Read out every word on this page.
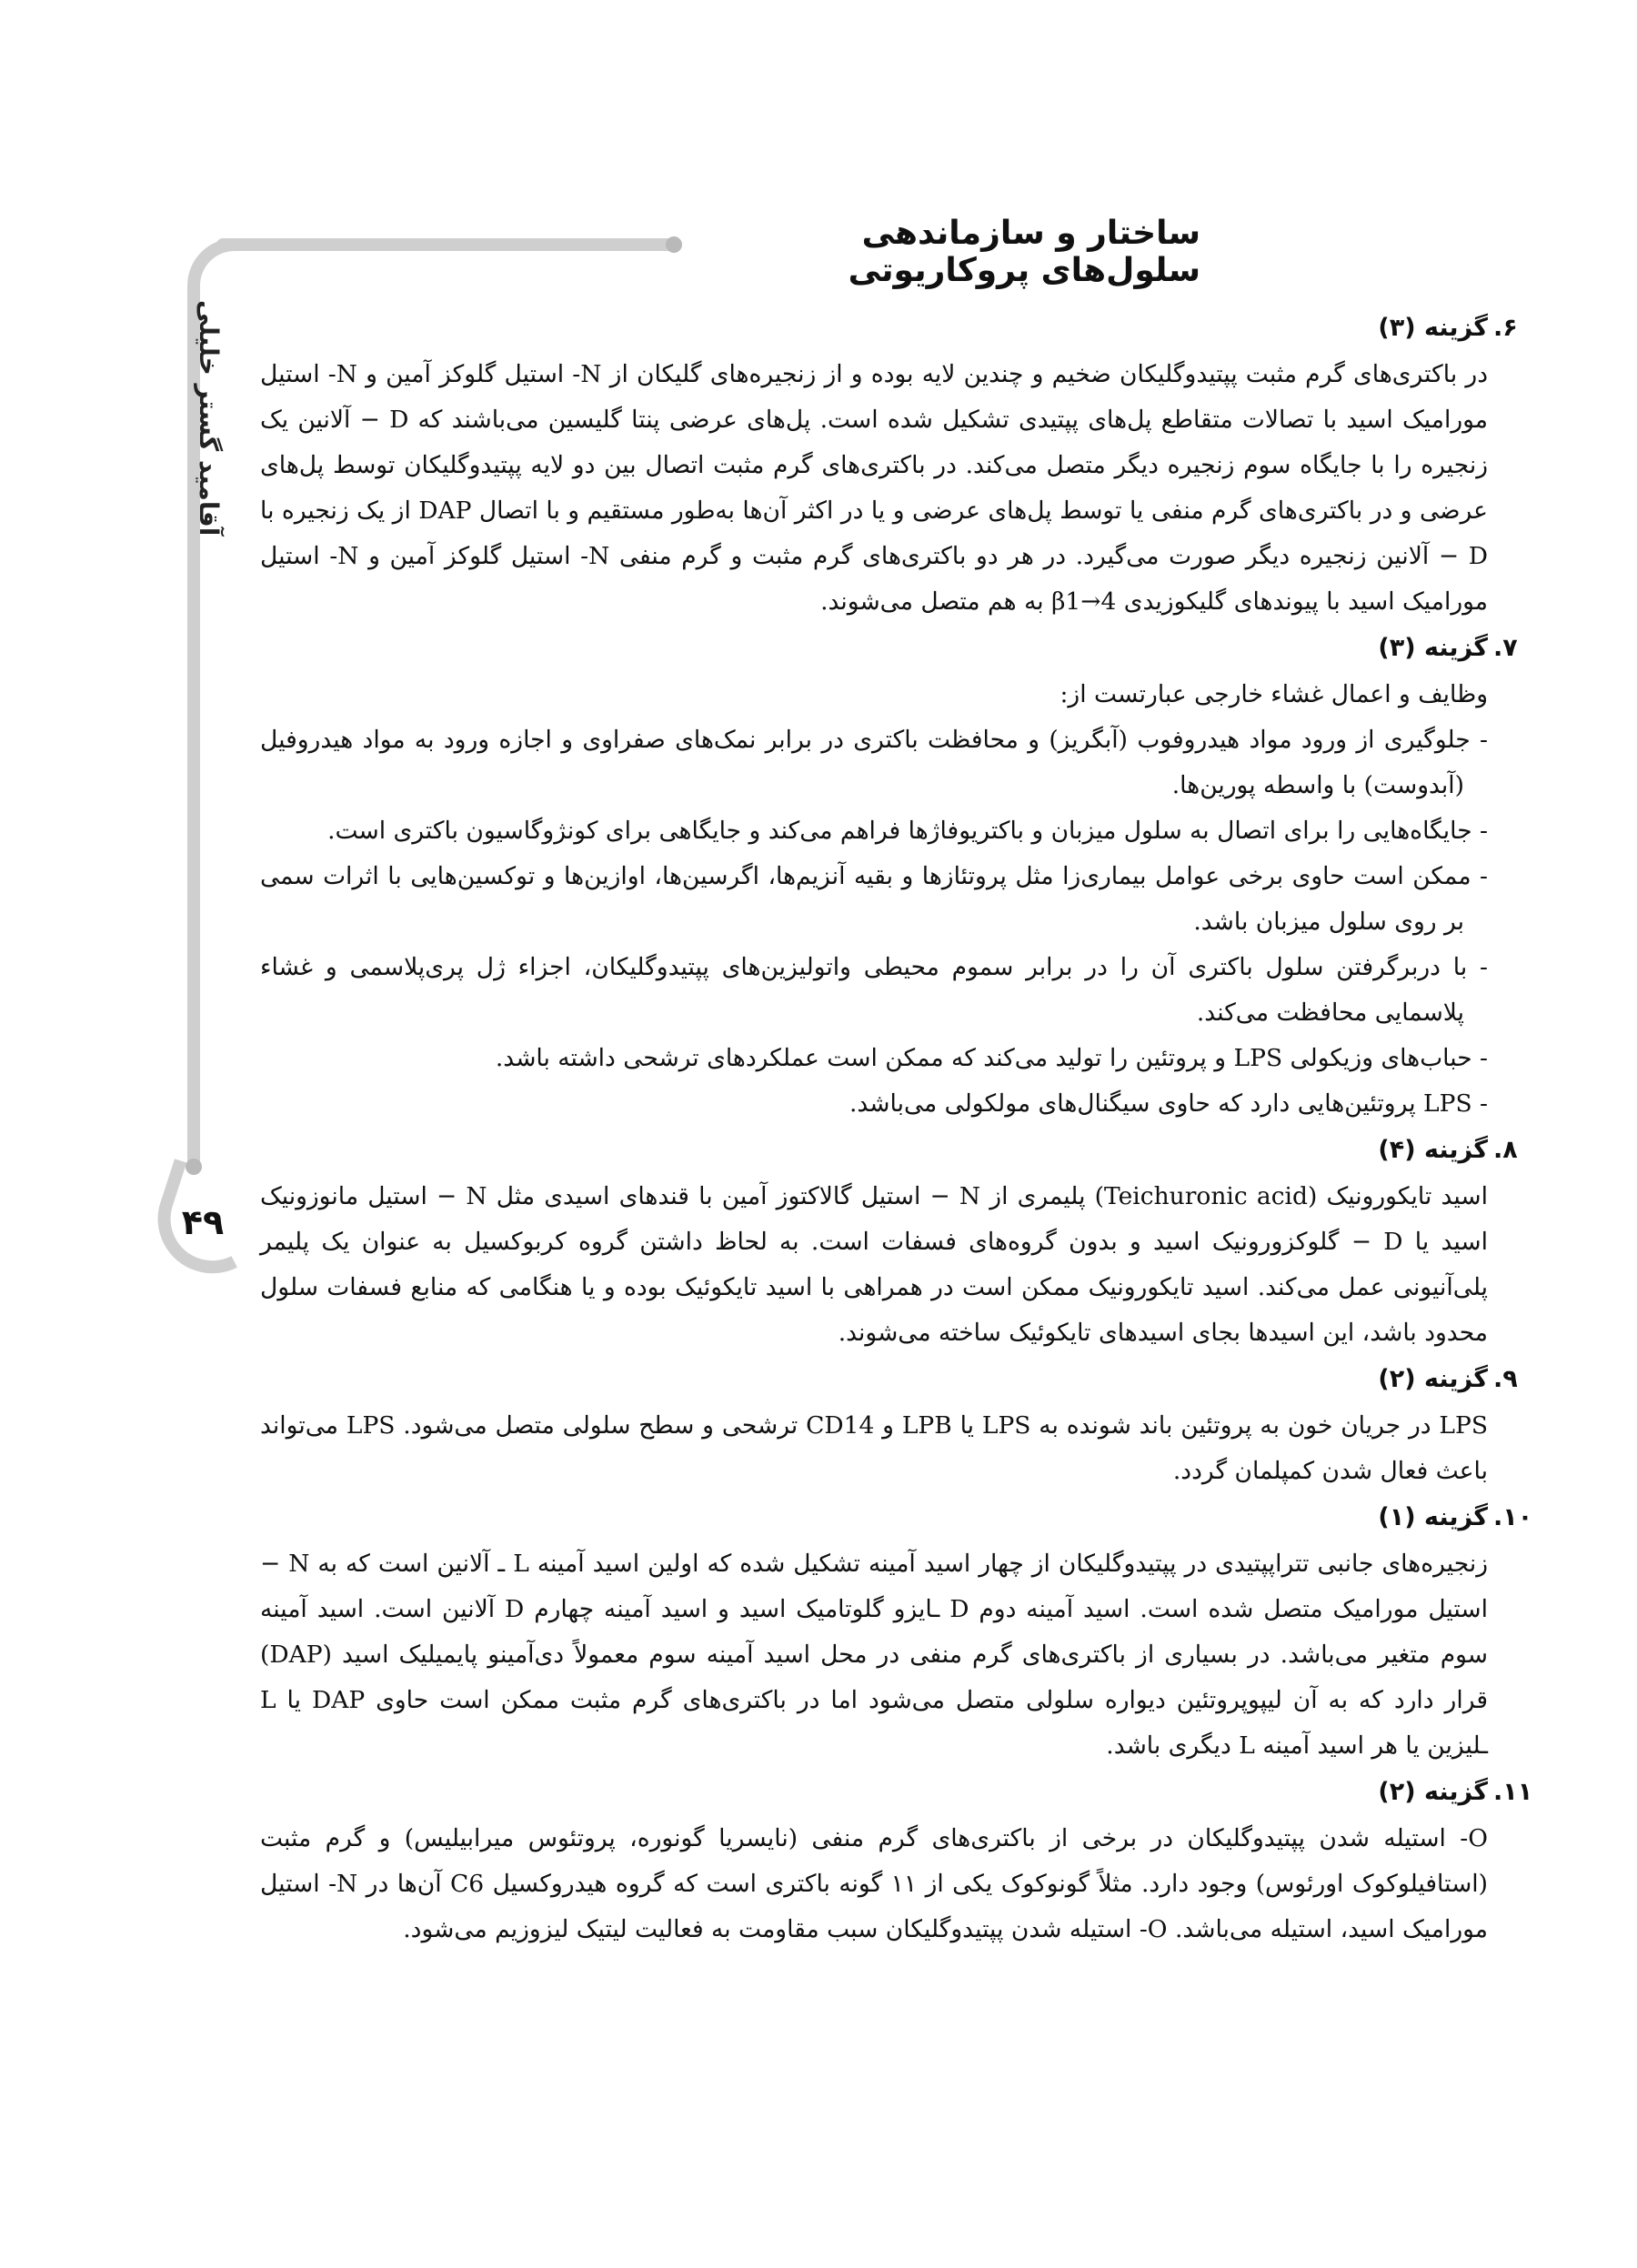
ساختار و سازماندهی سلول‌های پروکاریوتی
آقامید گستر خلیلی
۴۹
۶.
گزینه (۳)

در باکتری‌های گرم مثبت پپتیدوگلیکان ضخیم و چندین لایه بوده و از زنجیره‌های گلیکان از N- استیل گلوکز آمین و N- استیل مورامیک اسید با تصالات متقاطع پل‌های پپتیدی تشکیل شده است. پل‌های عرضی پنتا گلیسین می‌باشند که D − آلانین یک زنجیره را با جایگاه سوم زنجیره دیگر متصل می‌کند. در باکتری‌های گرم مثبت اتصال بین دو لایه پپتیدوگلیکان توسط پل‌های عرضی و در باکتری‌های گرم منفی یا توسط پل‌های عرضی و یا در اکثر آن‌ها به‌طور مستقیم و با اتصال DAP از یک زنجیره با D − آلانین زنجیره دیگر صورت می‌گیرد. در هر دو باکتری‌های گرم مثبت و گرم منفی N- استیل گلوکز آمین و N- استیل مورامیک اسید با پیوندهای گلیکوزیدی β1→4 به هم متصل می‌شوند.

۷.
گزینه (۳)

وظایف و اعمال غشاء خارجی عبارتست از:

- جلوگیری از ورود مواد هیدروفوب (آبگریز) و محافظت باکتری در برابر نمک‌های صفراوی و اجازه ورود به مواد هیدروفیل (آبدوست) با واسطه پورین‌ها.

- جایگاه‌هایی را برای اتصال به سلول میزبان و باکتریوفاژها فراهم می‌کند و جایگاهی برای کونژوگاسیون باکتری است.

- ممکن است حاوی برخی عوامل بیماری‌زا مثل پروتئازها و بقیه آنزیم‌ها، اگرسین‌ها، اوازین‌ها و توکسین‌هایی با اثرات سمی بر روی سلول میزبان باشد.

- با دربرگرفتن سلول باکتری آن را در برابر سموم محیطی واتولیزین‌های پپتیدوگلیکان، اجزاء ژل پری‌پلاسمی و غشاء پلاسمایی محافظت می‌کند.

- حباب‌های وزیکولی LPS و پروتئین را تولید می‌کند که ممکن است عملکردهای ترشحی داشته باشد.

- LPS پروتئین‌هایی دارد که حاوی سیگنال‌های مولکولی می‌باشد.

۸.
گزینه (۴)

اسید تایکورونیک (Teichuronic acid) پلیمری از N − استیل گالاکتوز آمین با قندهای اسیدی مثل N − استیل مانوزونیک اسید یا D − گلوکزورونیک اسید و بدون گروه‌های فسفات است. به لحاظ داشتن گروه کربوکسیل به عنوان یک پلیمر پلی‌آنیونی عمل می‌کند. اسید تایکورونیک ممکن است در همراهی با اسید تایکوئیک بوده و یا هنگامی که منابع فسفات سلول محدود باشد، این اسیدها بجای اسیدهای تایکوئیک ساخته می‌شوند.

۹.
گزینه (۲)

LPS در جریان خون به پروتئین باند شونده به LPS یا LPB و CD14 ترشحی و سطح سلولی متصل می‌شود. LPS می‌تواند باعث فعال شدن کمپلمان گردد.

۱۰.
گزینه (۱)

زنجیره‌های جانبی تتراپپتیدی در پپتیدوگلیکان از چهار اسید آمینه تشکیل شده که اولین اسید آمینه L ـ آلانین است که به N − استیل مورامیک متصل شده است. اسید آمینه دوم D ـایزو گلوتامیک اسید و اسید آمینه چهارم D آلانین است. اسید آمینه سوم متغیر می‌باشد. در بسیاری از باکتری‌های گرم منفی در محل اسید آمینه سوم معمولاً دی‌آمینو پایمیلیک اسید (DAP) قرار دارد که به آن لیپوپروتئین دیواره سلولی متصل می‌شود اما در باکتری‌های گرم مثبت ممکن است حاوی DAP یا L ـلیزین یا هر اسید آمینه L دیگری باشد.

۱۱.
گزینه (۲)

O- استیله شدن پپتیدوگلیکان در برخی از باکتری‌های گرم منفی (نایسریا گونوره، پروتئوس میرابیلیس) و گرم مثبت (استافیلوکوک اورئوس) وجود دارد. مثلاً گونوکوک یکی از ۱۱ گونه باکتری است که گروه هیدروکسیل C6 آن‌ها در N- استیل مورامیک اسید، استیله می‌باشد. O- استیله شدن پپتیدوگلیکان سبب مقاومت به فعالیت لیتیک لیزوزیم می‌شود.
